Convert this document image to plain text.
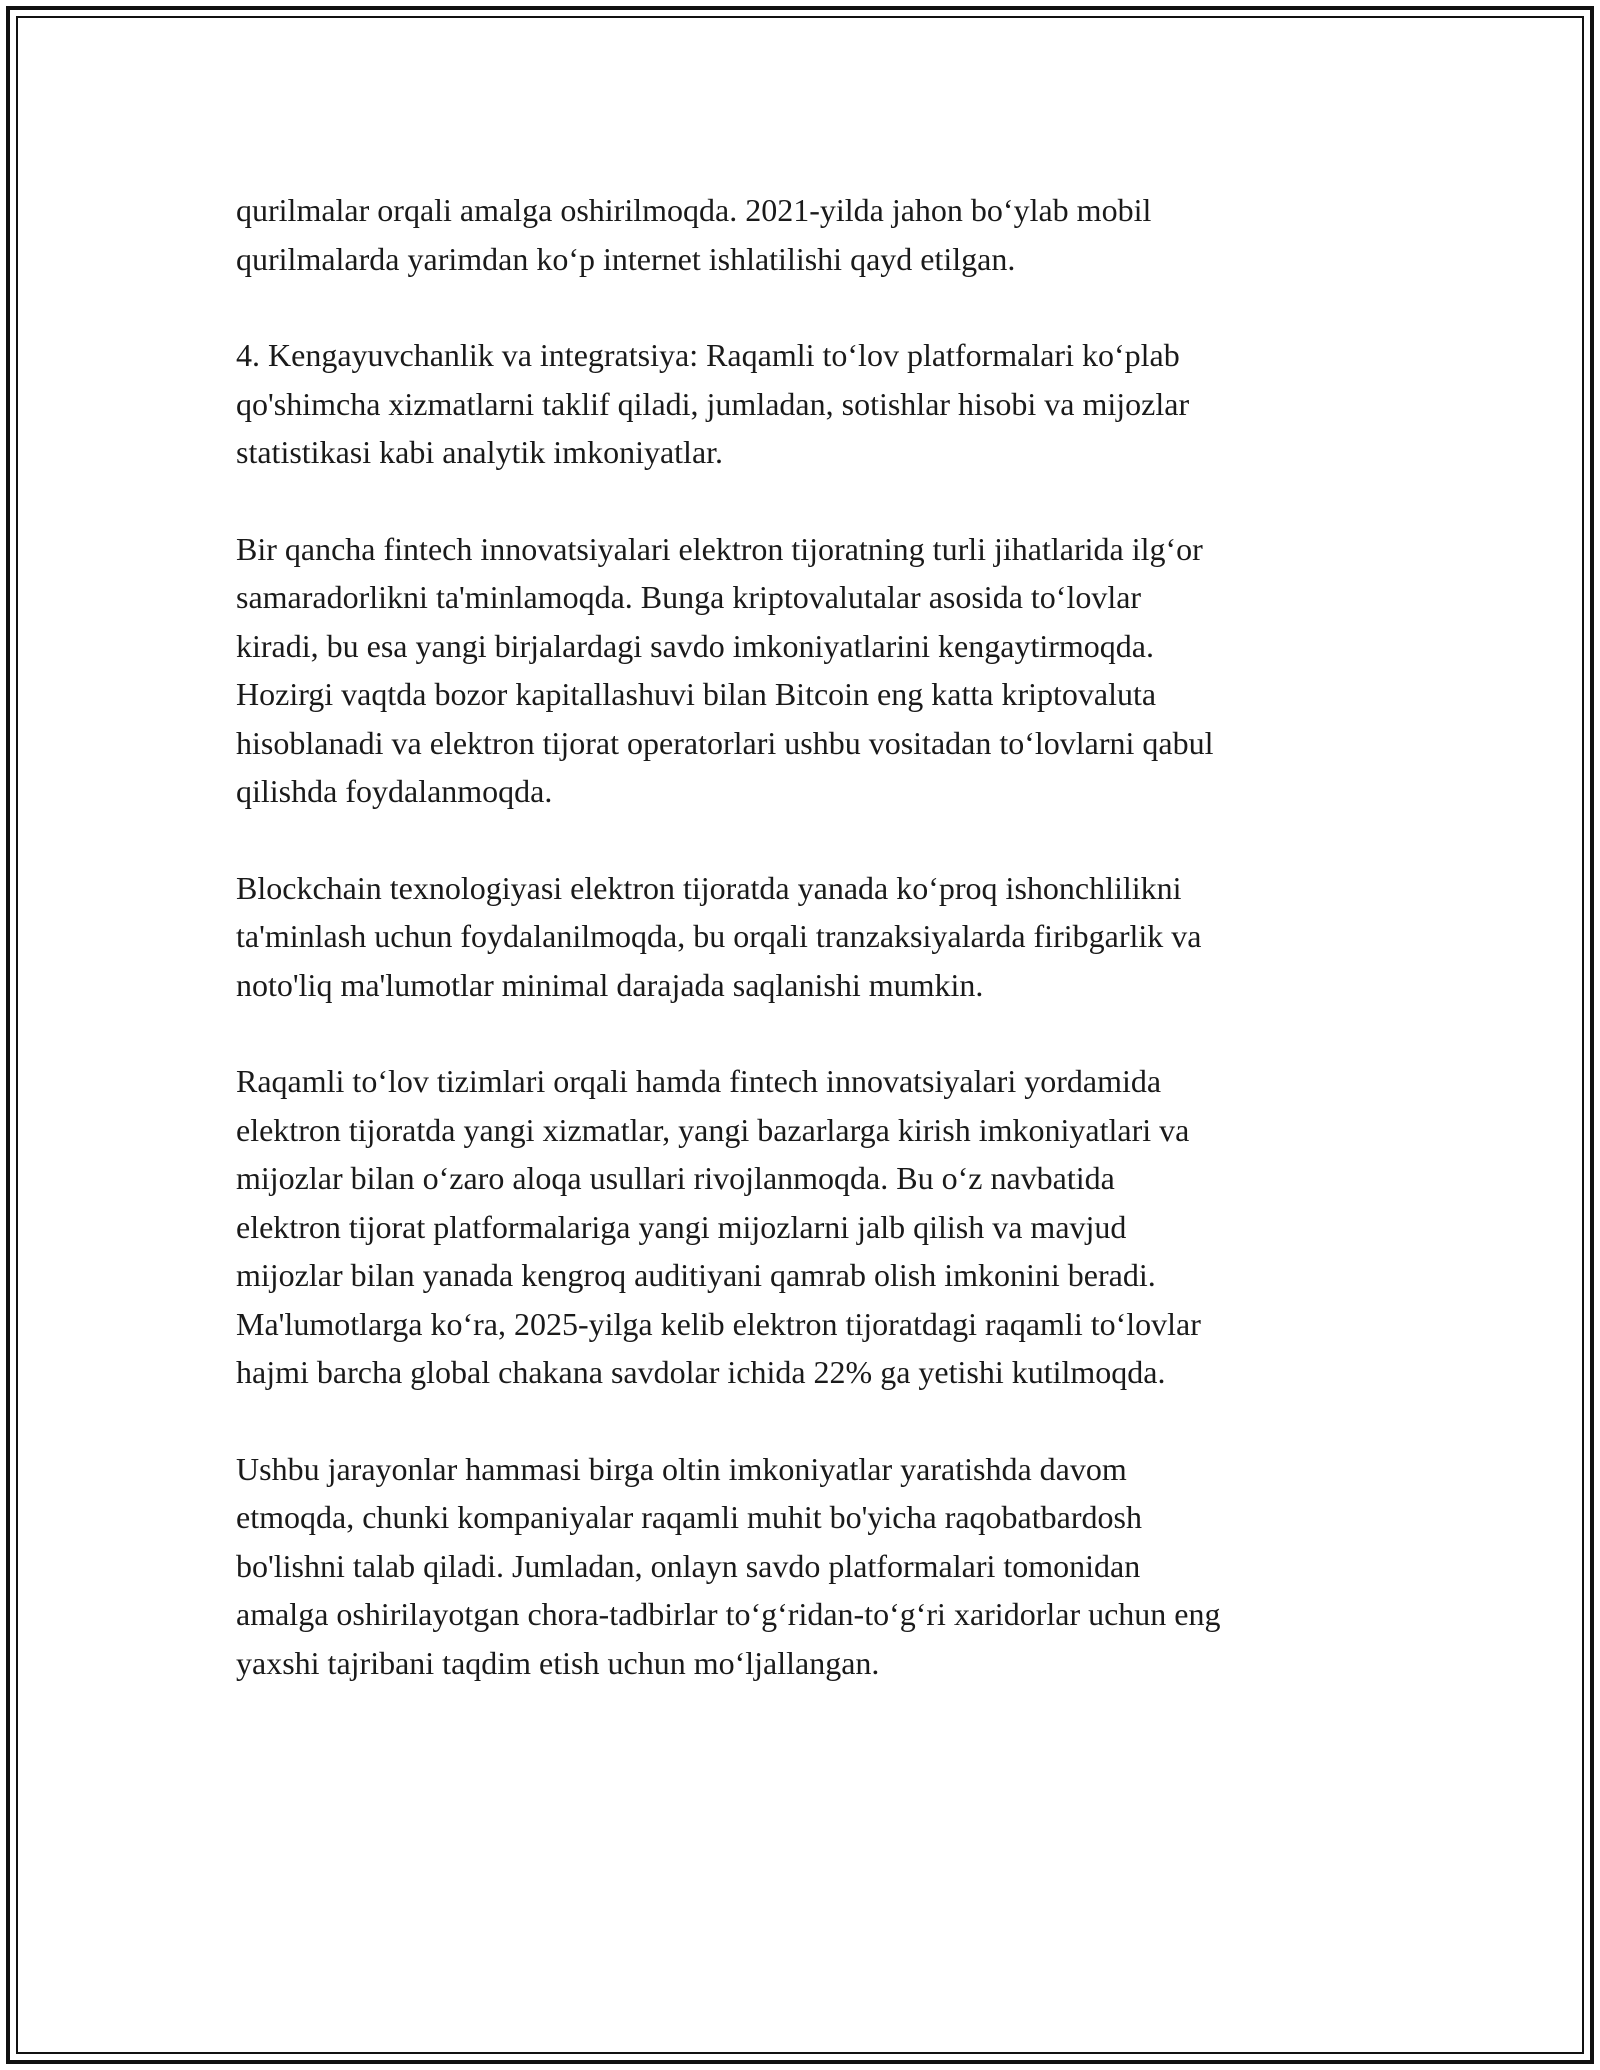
qurilmalar orqali amalga oshirilmoqda. 2021-yilda jahon bo‘ylab mobil
qurilmalarda yarimdan ko‘p internet ishlatilishi qayd etilgan.

4. Kengayuvchanlik va integratsiya: Raqamli to‘lov platformalari ko‘plab
qo'shimcha xizmatlarni taklif qiladi, jumladan, sotishlar hisobi va mijozlar
statistikasi kabi analytik imkoniyatlar.

Bir qancha fintech innovatsiyalari elektron tijoratning turli jihatlarida ilg‘or
samaradorlikni ta'minlamoqda. Bunga kriptovalutalar asosida to‘lovlar
kiradi, bu esa yangi birjalardagi savdo imkoniyatlarini kengaytirmoqda.
Hozirgi vaqtda bozor kapitallashuvi bilan Bitcoin eng katta kriptovaluta
hisoblanadi va elektron tijorat operatorlari ushbu vositadan to‘lovlarni qabul
qilishda foydalanmoqda.

Blockchain texnologiyasi elektron tijoratda yanada ko‘proq ishonchlilikni
ta'minlash uchun foydalanilmoqda, bu orqali tranzaksiyalarda firibgarlik va
noto'liq ma'lumotlar minimal darajada saqlanishi mumkin.

Raqamli to‘lov tizimlari orqali hamda fintech innovatsiyalari yordamida
elektron tijoratda yangi xizmatlar, yangi bazarlarga kirish imkoniyatlari va
mijozlar bilan o‘zaro aloqa usullari rivojlanmoqda. Bu o‘z navbatida
elektron tijorat platformalariga yangi mijozlarni jalb qilish va mavjud
mijozlar bilan yanada kengroq auditiyani qamrab olish imkonini beradi.
Ma'lumotlarga ko‘ra, 2025-yilga kelib elektron tijoratdagi raqamli to‘lovlar
hajmi barcha global chakana savdolar ichida 22% ga yetishi kutilmoqda.

Ushbu jarayonlar hammasi birga oltin imkoniyatlar yaratishda davom
etmoqda, chunki kompaniyalar raqamli muhit bo'yicha raqobatbardosh
bo'lishni talab qiladi. Jumladan, onlayn savdo platformalari tomonidan
amalga oshirilayotgan chora-tadbirlar to‘g‘ridan-to‘g‘ri xaridorlar uchun eng
yaxshi tajribani taqdim etish uchun mo‘ljallangan.
